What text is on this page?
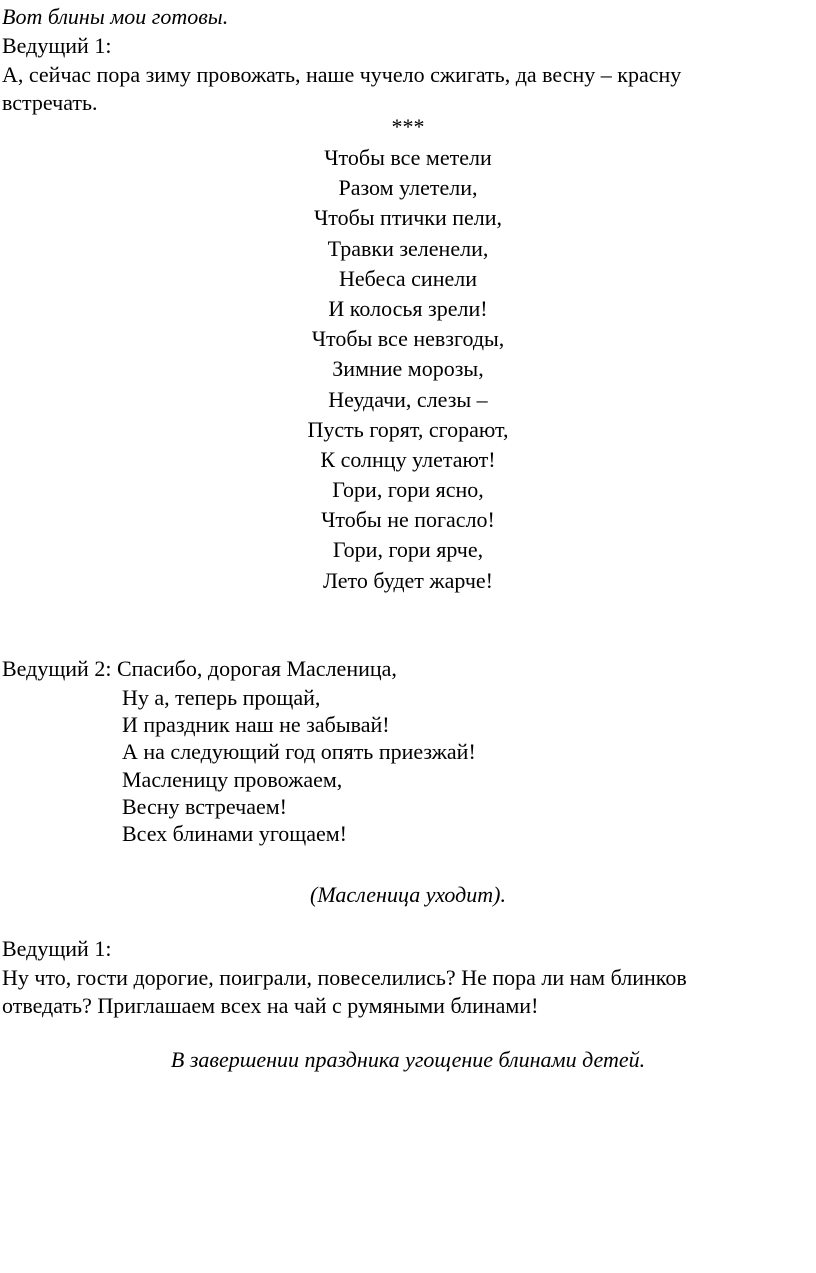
Вот блины мои готовы.
Ведущий 1:
А, сейчас пора зиму провожать, наше чучело сжигать, да весну – красну
встречать.
***
Чтобы все метели
Разом улетели,
Чтобы птички пели,
Травки зеленели,
Небеса синели
И колосья зрели!
Чтобы все невзгоды,
Зимние морозы,
Неудачи, слезы –
Пусть горят, сгорают,
К солнцу улетают!
Гори, гори ясно,
Чтобы не погасло!
Гори, гори ярче,
Лето будет жарче!
Ведущий 2: Спасибо, дорогая Масленица,
Ну а, теперь прощай,
И праздник наш не забывай!
А на следующий год опять приезжай!
Масленицу провожаем,
Весну встречаем!
Всех блинами угощаем!
(Масленица уходит).
Ведущий 1:
Ну что, гости дорогие, поиграли, повеселились? Не пора ли нам блинков
отведать? Приглашаем всех на чай с румяными блинами!
В завершении праздника угощение блинами детей.
